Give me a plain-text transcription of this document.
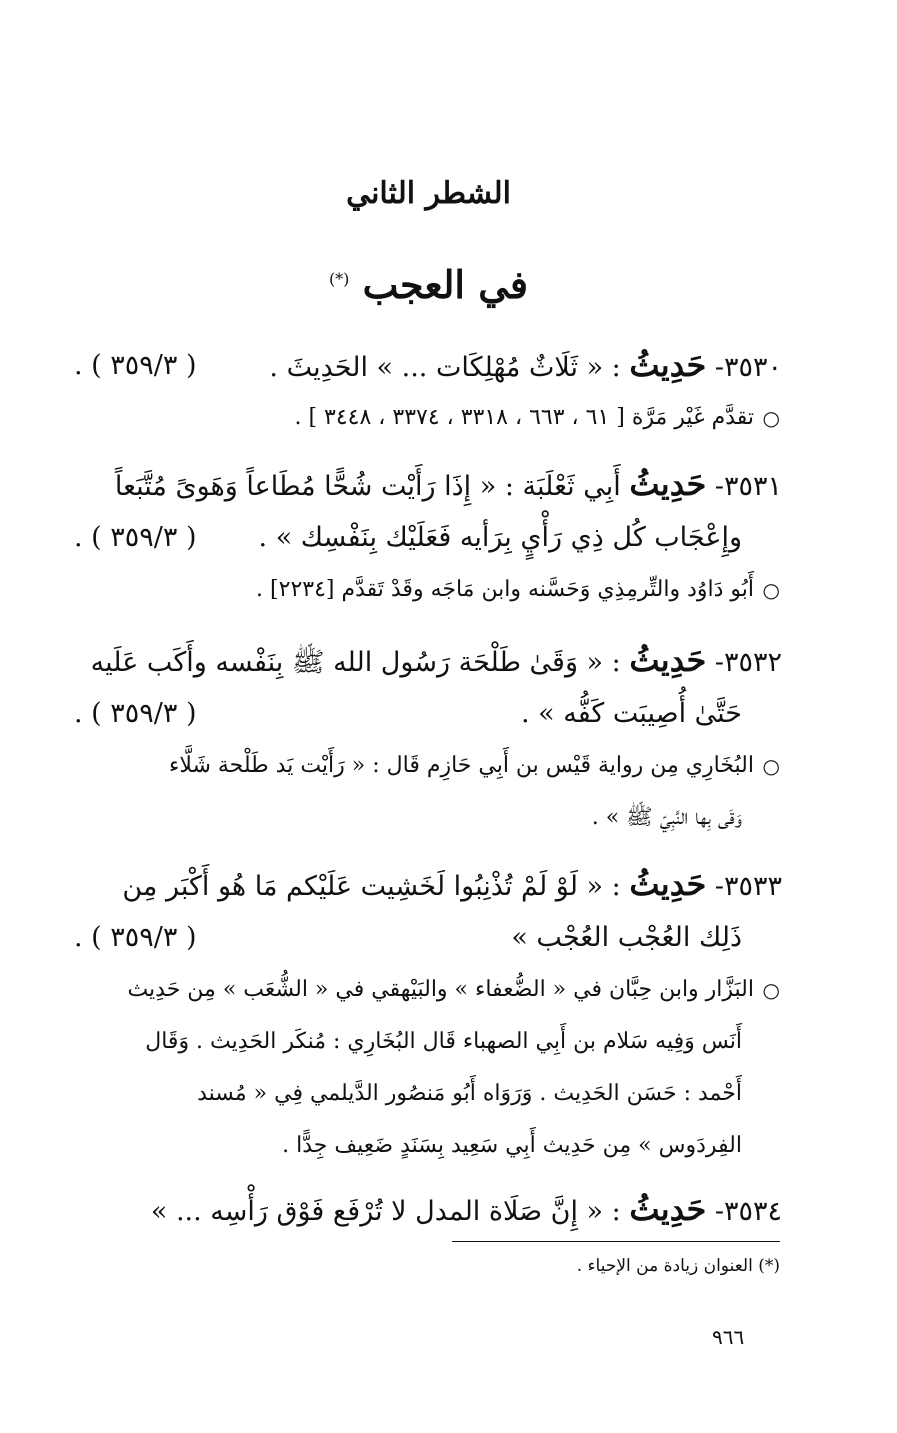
الشطر الثاني
في العجب (*)
٣٥٣٠- حَدِيثُ : « ثَلَاثٌ مُهْلِكَات ... » الحَدِيثَ .
( ٣٥٩/٣ ) .
○
تقدَّم غَيْر مَرَّة [ ٦١ ، ٦٦٣ ، ٣٣١٨ ، ٣٣٧٤ ، ٣٤٤٨ ] .
٣٥٣١- حَدِيثُ أَبِي ثَعْلَبَة : « إِذَا رَأَيْت شُحًّا مُطَاعاً وَهَوىً مُتَّبَعاً
وإِعْجَاب كُل ذِي رَأْيٍ بِرَأيه فَعَلَيْك بِنَفْسِك » .
( ٣٥٩/٣ ) .
○
أَبُو دَاوُد والتِّرمِذِي وَحَسَّنه وابن مَاجَه وقَدْ تَقدَّم [٢٢٣٤] .
٣٥٣٢- حَدِيثُ : « وَقَىٰ طَلْحَة رَسُول الله ﷺ بِنَفْسه وأَكَب عَلَيه
حَتَّىٰ أُصِيبَت كَفُّه » .
( ٣٥٩/٣ ) .
○
البُخَارِي مِن رواية قَيْس بن أَبِي حَازِم قَال : « رَأَيْت يَد طَلْحة شَلَّاء
وَقَى بِها النَّبِيّ ﷺ » .
٣٥٣٣- حَدِيثُ : « لَوْ لَمْ تُذْنِبُوا لَخَشِيت عَلَيْكم مَا هُو أَكْبَر مِن
ذَلِك العُجْب العُجْب »
( ٣٥٩/٣ ) .
○
البَزَّار وابن حِبَّان في « الضُّعفاء » والبَيْهقي في « الشُّعَب » مِن حَدِيث
أَنَس وَفِيه سَلام بن أَبِي الصهباء قَال البُخَارِي : مُنكَر الحَدِيث . وَقَال
أَحْمد : حَسَن الحَدِيث . وَرَوَاه أَبُو مَنصُور الدَّيلمي فِي « مُسند
الفِردَوس » مِن حَدِيث أَبِي سَعِيد بِسَنَدٍ ضَعِيف جِدًّا .
٣٥٣٤- حَدِيثُ : « إِنَّ صَلَاة المدل لا تُرْفَع فَوْق رَأْسِه ... »
(*) العنوان زيادة من الإحياء .
٩٦٦
